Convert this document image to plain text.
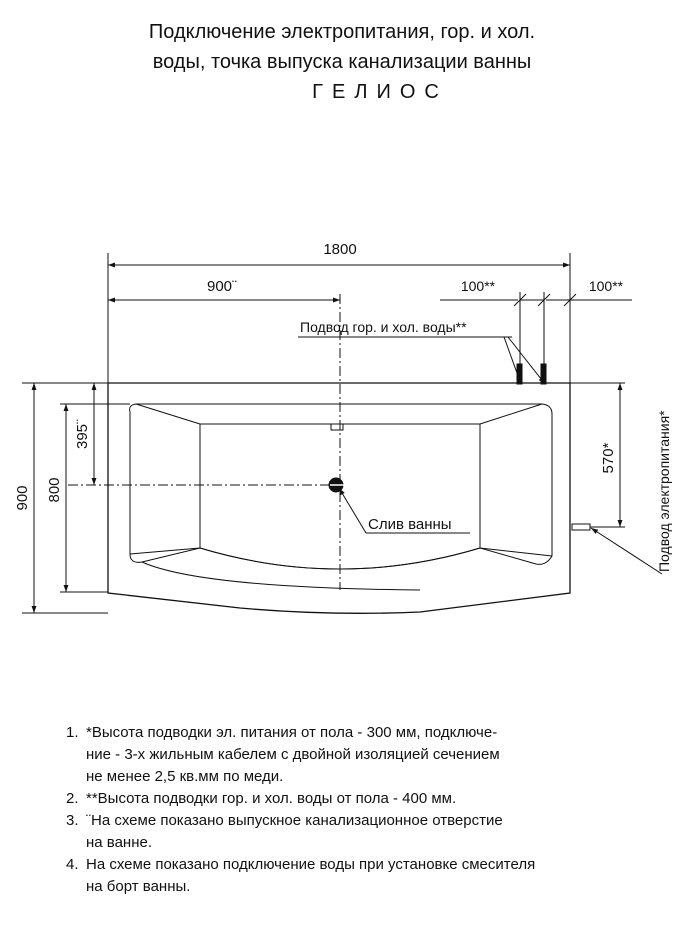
Подключение электропитания, гор. и хол.
воды, точка выпуска канализации ванны
ГЕЛИОС
1800
900¨	100**	100**
900 800
395¨
570*
Подвод гор. и хол. воды**
Слив ванны	Подвод электропитания*
1. *Высота подводки эл. питания от пола - 300 мм, подключе-
ние - 3-х жильным кабелем с двойной изоляцией сечением
не менее 2,5 кв.мм по меди.
2. **Высота подводки гор. и хол. воды от пола - 400 мм.
3. ¨На схеме показано выпускное канализационное отверстие
на ванне.
4. На схеме показано подключение воды при установке смесителя
на борт ванны.
